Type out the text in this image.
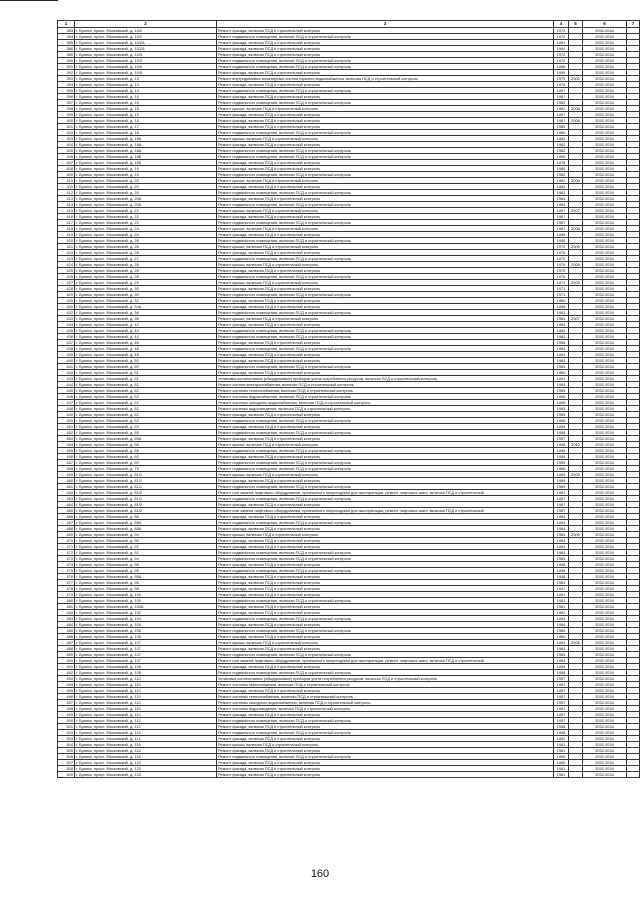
1	2	3	4	5	6	7
383	г. Брянск, просп. Московский, д. 10/2	Ремонт фасада, включая ПСД и строительный контроль	1972		2032-2034	
384	г. Брянск, просп. Московский, д. 10/2	Ремонт подвального помещения, включая ПСД и строительный контроль	1972		2032-2034	
385	г. Брянск, просп. Московский, д. 10/2А	Ремонт фасада, включая ПСД и строительный контроль	1981		2032-2034	
386	г. Брянск, просп. Московский, д. 10/2А	Ремонт фасада, включая ПСД и строительный контроль	1962		2032-2034	
389	г. Брянск, просп. Московский, д. 10/3	Ремонт фасада, включая ПСД и строительный контроль	1972		2032-2034	
390	г. Брянск, просп. Московский, д. 10/3	Ремонт подвального помещения, включая ПСД и строительный контроль	1972		2032-2034	
391	г. Брянск, просп. Московский, д. 10/5	Ремонт подвального помещения, включая ПСД и строительный контроль	1956		2032-2034	
392	г. Брянск, просп. Московский, д. 10/5	Ремонт фасада, включая ПСД и строительный контроль	1959		2032-2034	
393	г. Брянск, просп. Московский, д. 13	Ремонт внутридомовых инженерных систем горячего водоснабжения, включая ПСД и строительный контроль	1979	2002	2032-2034	
394	г. Брянск, просп. Московский, д. 13	Ремонт фасада, включая ПСД и строительный контроль	1979		2032-2034	
395	г. Брянск, просп. Московский, д. 14	Ремонт подвального помещения, включая ПСД и строительный контроль	1967		2032-2034	
396	г. Брянск, просп. Московский, д. 14	Ремонт фасада, включая ПСД и строительный контроль	1967		2032-2034	
397	г. Брянск, просп. Московский, д. 15	Ремонт подвального помещения, включая ПСД и строительный контроль	1962		2032-2034	
398	г. Брянск, просп. Московский, д. 15	Ремонт крыши, включая ПСД и строительный контроль	1962	2008	2032-2034	
399	г. Брянск, просп. Московский, д. 15	Ремонт фасада, включая ПСД и строительный контроль	1967		2032-2034	
400	г. Брянск, просп. Московский, д. 16	Ремонт фасада, включая ПСД и строительный контроль	1967	2008	2032-2034	
401	г. Брянск, просп. Московский, д. 17	Ремонт фасада, включая ПСД и строительный контроль	1980		2032-2034	
402	г. Брянск, просп. Московский, д. 18	Ремонт подвального помещения, включая ПСД и строительный контроль	1980		2032-2034	
403	г. Брянск, просп. Московский, д. 18А	Ремонт крыши, включая ПСД и строительный контроль	1962		2032-2034	
404	г. Брянск, просп. Московский, д. 18А	Ремонт фасада, включая ПСД и строительный контроль	1962		2032-2034	
405	г. Брянск, просп. Московский, д. 18А	Ремонт подвального помещения, включая ПСД и строительный контроль	1962		2032-2034	
406	г. Брянск, просп. Московский, д. 18Б	Ремонт подвального помещения, включая ПСД и строительный контроль	1959		2032-2034	
407	г. Брянск, просп. Московский, д. 18Б	Ремонт фасада, включая ПСД и строительный контроль	1978		2032-2034	
408	г. Брянск, просп. Московский, д. 19	Ремонт фасада, включая ПСД и строительный контроль	1980		2032-2034	
409	г. Брянск, просп. Московский, д. 19	Ремонт подвального помещения, включая ПСД и строительный контроль	1962		2032-2034	
410	г. Брянск, просп. Московский, д. 20	Ремонт крыши, включая ПСД и строительный контроль	1962	2009	2032-2034	
411	г. Брянск, просп. Московский, д. 20	Ремонт фасада, включая ПСД и строительный контроль	1962		2032-2034	
412	г. Брянск, просп. Московский, д. 20	Ремонт подвального помещения, включая ПСД и строительный контроль	1962		2032-2034	
413	г. Брянск, просп. Московский, д. 20А	Ремонт фасада, включая ПСД и строительный контроль	1964		2032-2034	
414	г. Брянск, просп. Московский, д. 20А	Ремонт подвального помещения, включая ПСД и строительный контроль	1964		2032-2034	
415	г. Брянск, просп. Московский, д. 22	Ремонт крыши, включая ПСД и строительный контроль	1967	2007	2032-2034	
416	г. Брянск, просп. Московский, д. 22	Ремонт фасада, включая ПСД и строительный контроль	1967		2032-2034	
417	г. Брянск, просп. Московский, д. 22	Ремонт подвального помещения, включая ПСД и строительный контроль	1967		2032-2034	
418	г. Брянск, просп. Московский, д. 24	Ремонт крыши, включая ПСД и строительный контроль	1967	2008	2032-2034	
419	г. Брянск, просп. Московский, д. 24	Ремонт фасада, включая ПСД и строительный контроль	1985		2032-2034	
420	г. Брянск, просп. Московский, д. 26	Ремонт подвального помещения, включая ПСД и строительный контроль	1985		2032-2034	
421	г. Брянск, просп. Московский, д. 26	Ремонт крыши, включая ПСД и строительный контроль	1970	2009	2032-2034	
422	г. Брянск, просп. Московский, д. 26	Ремонт фасада, включая ПСД и строительный контроль	1970		2032-2034	
423	г. Брянск, просп. Московский, д. 27	Ремонт подвального помещения, включая ПСД и строительный контроль	1970		2032-2034	
424	г. Брянск, просп. Московский, д. 28	Ремонт крыши, включая ПСД и строительный контроль	1970	2009	2032-2034	
425	г. Брянск, просп. Московский, д. 28	Ремонт фасада, включая ПСД и строительный контроль	1970		2032-2034	
426	г. Брянск, просп. Московский, д. 28	Ремонт подвального помещения, включая ПСД и строительный контроль	1970		2032-2034	
427	г. Брянск, просп. Московский, д. 29	Ремонт крыши, включая ПСД и строительный контроль	1971	2009	2032-2034	
428	г. Брянск, просп. Московский, д. 30	Ремонт фасада, включая ПСД и строительный контроль	1971		2032-2034	
429	г. Брянск, просп. Московский, д. 30	Ремонт подвального помещения, включая ПСД и строительный контроль	1971		2032-2034	
430	г. Брянск, просп. Московский, д. 32	Ремонт фасада, включая ПСД и строительный контроль	1960		2032-2034	
431	г. Брянск, просп. Московский, д. 34А	Ремонт фасада, включая ПСД и строительный контроль	1968		2032-2034	
432	г. Брянск, просп. Московский, д. 36	Ремонт подвального помещения, включая ПСД и строительный контроль	1961		2032-2034	
433	г. Брянск, просп. Московский, д. 36	Ремонт крыши, включая ПСД и строительный контроль	1964	2007	2032-2034	
434	г. Брянск, просп. Московский, д. 42	Ремонт фасада, включая ПСД и строительный контроль	1964		2032-2034	
435	г. Брянск, просп. Московский, д. 44	Ремонт подвального помещения, включая ПСД и строительный контроль	1962		2032-2034	
436	г. Брянск, просп. Московский, д. 44	Ремонт подвального помещения, включая ПСД и строительный контроль	1962		2032-2034	
437	г. Брянск, просп. Московский, д. 46	Ремонт фасада, включая ПСД и строительный контроль	1958		2032-2034	
438	г. Брянск, просп. Московский, д. 48	Ремонт подвального помещения, включая ПСД и строительный контроль	1964		2032-2034	
439	г. Брянск, просп. Московский, д. 48	Ремонт фасада, включая ПСД и строительный контроль	1964		2032-2034	
440	г. Брянск, просп. Московский, д. 50	Ремонт фасада, включая ПСД и строительный контроль	1963		2032-2034	
441	г. Брянск, просп. Московский, д. 50	Ремонт подвального помещения, включая ПСД и строительный контроль	1963		2032-2034	
442	г. Брянск, просп. Московский, д. 51	Ремонт фасада, включая ПСД и строительный контроль	1960		2032-2034	
443	г. Брянск, просп. Московский, д. 51	Установка коллективных (общедомовых) приборов учета потребления ресурсов, включая ПСД и строительный контроль	1961		2032-2034	
444	г. Брянск, просп. Московский, д. 52	Ремонт систем электроснабжения, включая ПСД и строительный контроль	1965		2032-2034	
445	г. Брянск, просп. Московский, д. 52	Ремонт системы теплоснабжения, включая ПСД и строительный контроль	1965		2032-2034	
446	г. Брянск, просп. Московский, д. 52	Ремонт системы водоснабжения, включая ПСД и строительный контроль	1965		2032-2034	
447	г. Брянск, просп. Московский, д. 52	Ремонт системы холодного водоснабжения, включая ПСД и строительный контроль	1965		2032-2034	
448	г. Брянск, просп. Московский, д. 52	Ремонт системы водоотведения, включая ПСД и строительный контроль	1965		2032-2034	
449	г. Брянск, просп. Московский, д. 52	Ремонт фасада, включая ПСД и строительный контроль	1965		2032-2034	
450	г. Брянск, просп. Московский, д. 52	Ремонт подвального помещения, включая ПСД и строительный контроль	1965		2032-2034	
451	г. Брянск, просп. Московский, д. 53	Ремонт фасада, включая ПСД и строительный контроль	1958		2032-2034	
452	г. Брянск, просп. Московский, д. 55	Ремонт подвального помещения, включая ПСД и строительный контроль	1958		2032-2034	
453	г. Брянск, просп. Московский, д. 55А	Ремонт фасада, включая ПСД и строительный контроль	1957		2032-2034	
454	г. Брянск, просп. Московский, д. 56	Ремонт крыши, включая ПСД и строительный контроль	1958	2010	2032-2034	
455	г. Брянск, просп. Московский, д. 58	Ремонт подвального помещения, включая ПСД и строительный контроль	1955		2032-2034	
456	г. Брянск, просп. Московский, д. 60	Ремонт фасада, включая ПСД и строительный контроль	1959		2032-2034	
457	г. Брянск, просп. Московский, д. 60	Ремонт подвального помещения, включая ПСД и строительный контроль	1959		2032-2034	
458	г. Брянск, просп. Московский, д. 79	Ремонт подвального помещения, включая ПСД и строительный контроль	1969		2032-2034	
459	г. Брянск, просп. Московский, д. 81/1	Ремонт крыши, включая ПСД и строительный контроль	1969	2009	2032-2034	
460	г. Брянск, просп. Московский, д. 81/1	Ремонт фасада, включая ПСД и строительный контроль	1969		2032-2034	
461	г. Брянск, просп. Московский, д. 81/1	Ремонт подвального помещения, включая ПСД и строительный контроль	1969		2032-2034	
462	г. Брянск, просп. Московский, д. 81/2	Ремонт или замена лифтового оборудования, признанного непригодным для эксплуатации, ремонт лифтовых шахт, включая ПСД и строительный	1987		2032-2034	
463	г. Брянск, просп. Московский, д. 81/2	Ремонт подвального помещения, включая ПСД и строительный контроль	1987		2032-2034	
464	г. Брянск, просп. Московский, д. 81/2	Ремонт фасада, включая ПСД и строительный контроль	1987		2032-2034	
465	г. Брянск, просп. Московский, д. 81/2	Ремонт или замена лифтового оборудования, признанного непригодным для эксплуатации, ремонт лифтовых шахт, включая ПСД и строительный	1987		2032-2034	
466	г. Брянск, просп. Московский, д. 86	Ремонт фасада, включая ПСД и строительный контроль	1964		2032-2034	
467	г. Брянск, просп. Московский, д. 88А	Ремонт подвального помещения, включая ПСД и строительный контроль	1964		2032-2034	
468	г. Брянск, просп. Московский, д. 88А	Ремонт фасада, включая ПСД и строительный контроль	1964		2032-2034	
469	г. Брянск, просп. Московский, д. 90	Ремонт крыши, включая ПСД и строительный контроль	1963	2009	2032-2034	
470	г. Брянск, просп. Московский, д. 90	Ремонт фасада, включая ПСД и строительный контроль	1963		2032-2034	
471	г. Брянск, просп. Московский, д. 92	Ремонт фасада, включая ПСД и строительный контроль	1963		2032-2034	
472	г. Брянск, просп. Московский, д. 92	Ремонт подвального помещения, включая ПСД и строительный контроль	1963		2032-2034	
473	г. Брянск, просп. Московский, д. 94	Ремонт подвального помещения, включая ПСД и строительный контроль	1963		2032-2034	
474	г. Брянск, просп. Московский, д. 95	Ремонт фасада, включая ПСД и строительный контроль	1958		2032-2034	
475	г. Брянск, просп. Московский, д. 95	Ремонт подвального помещения, включая ПСД и строительный контроль	1958		2032-2034	
476	г. Брянск, просп. Московский, д. 95А	Ремонт фасада, включая ПСД и строительный контроль	1948		2032-2034	
477	г. Брянск, просп. Московский, д. 96	Ремонт фасада, включая ПСД и строительный контроль	1963		2032-2034	
478	г. Брянск, просп. Московский, д. 98	Ремонт фасада, включая ПСД и строительный контроль	1947		2032-2034	
479	г. Брянск, просп. Московский, д. 100	Ремонт фасада, включая ПСД и строительный контроль	1981		2032-2034	
480	г. Брянск, просп. Московский, д. 100	Ремонт подвального помещения, включая ПСД и строительный контроль	1981		2032-2034	
481	г. Брянск, просп. Московский, д. 100А	Ремонт фасада, включая ПСД и строительный контроль	1981		2032-2034	
482	г. Брянск, просп. Московский, д. 102	Ремонт фасада, включая ПСД и строительный контроль	1962		2032-2034	
483	г. Брянск, просп. Московский, д. 104	Ремонт подвального помещения, включая ПСД и строительный контроль	1959		2032-2034	
484	г. Брянск, просп. Московский, д. 104	Ремонт фасада, включая ПСД и строительный контроль	1959		2032-2034	
485	г. Брянск, просп. Московский, д. 106	Ремонт подвального помещения, включая ПСД и строительный контроль	1960		2032-2034	
486	г. Брянск, просп. Московский, д. 106	Ремонт фасада, включая ПСД и строительный контроль	1960		2032-2034	
487	г. Брянск, просп. Московский, д. 107	Ремонт крыши, включая ПСД и строительный контроль	1963	2006	2032-2034	
488	г. Брянск, просп. Московский, д. 107	Ремонт фасада, включая ПСД и строительный контроль	1963		2032-2034	
489	г. Брянск, просп. Московский, д. 107	Ремонт подвального помещения, включая ПСД и строительный контроль	1963		2032-2034	
490	г. Брянск, просп. Московский, д. 107	Ремонт или замена лифтового оборудования, признанного непригодным для эксплуатации, ремонт лифтовых шахт, включая ПСД и строительный	1963		2032-2034	
491	г. Брянск, просп. Московский, д. 108	Ремонт фасада, включая ПСД и строительный контроль	1958		2032-2034	
492	г. Брянск, просп. Московский, д. 108	Ремонт подвального помещения, включая ПСД и строительный контроль	1958		2032-2034	
493	г. Брянск, просп. Московский, д. 110	Установка коллективных (общедомовых) приборов учета потребления ресурсов, включая ПСД и строительный контроль	1957		2032-2034	
494	г. Брянск, просп. Московский, д. 110	Ремонт системы газоснабжения, включая ПСД и строительный контроль	1957		2032-2034	
495	г. Брянск, просп. Московский, д. 110	Ремонт фасада, включая ПСД и строительный контроль	1957		2032-2034	
496	г. Брянск, просп. Московский, д. 110	Ремонт системы теплоснабжения, включая ПСД и строительный контроль	1957		2032-2034	
497	г. Брянск, просп. Московский, д. 110	Ремонт системы холодного водоснабжения, включая ПСД и строительный контроль	1957		2032-2034	
498	г. Брянск, просп. Московский, д. 110	Ремонт системы водоотведения, включая ПСД и строительный контроль	1957		2032-2034	
499	г. Брянск, просп. Московский, д. 110	Ремонт фасада, включая ПСД и строительный контроль	1957		2032-2034	
500	г. Брянск, просп. Московский, д. 112	Ремонт подвального помещения, включая ПСД и строительный контроль	1957		2032-2034	
501	г. Брянск, просп. Московский, д. 112	Ремонт фасада, включая ПСД и строительный контроль	1958		2032-2034	
502	г. Брянск, просп. Московский, д. 114	Ремонт подвального помещения, включая ПСД и строительный контроль	1958		2032-2034	
503	г. Брянск, просп. Московский, д. 114	Ремонт фасада, включая ПСД и строительный контроль	1962		2032-2034	
504	г. Брянск, просп. Московский, д. 116	Ремонт крыши, включая ПСД и строительный контроль	1961		2032-2034	
505	г. Брянск, просп. Московский, д. 116	Ремонт фасада, включая ПСД и строительный контроль	1961		2032-2034	
506	г. Брянск, просп. Московский, д. 118	Ремонт подвального помещения, включая ПСД и строительный контроль	1959		2032-2034	
507	г. Брянск, просп. Московский, д. 120	Ремонт фасада, включая ПСД и строительный контроль	1960		2032-2034	
508	г. Брянск, просп. Московский, д. 122	Ремонт фасада, включая ПСД и строительный контроль	1961		2032-2034	
509	г. Брянск, просп. Московский, д. 124	Ремонт фасада, включая ПСД и строительный контроль	1961		2032-2034	
160
